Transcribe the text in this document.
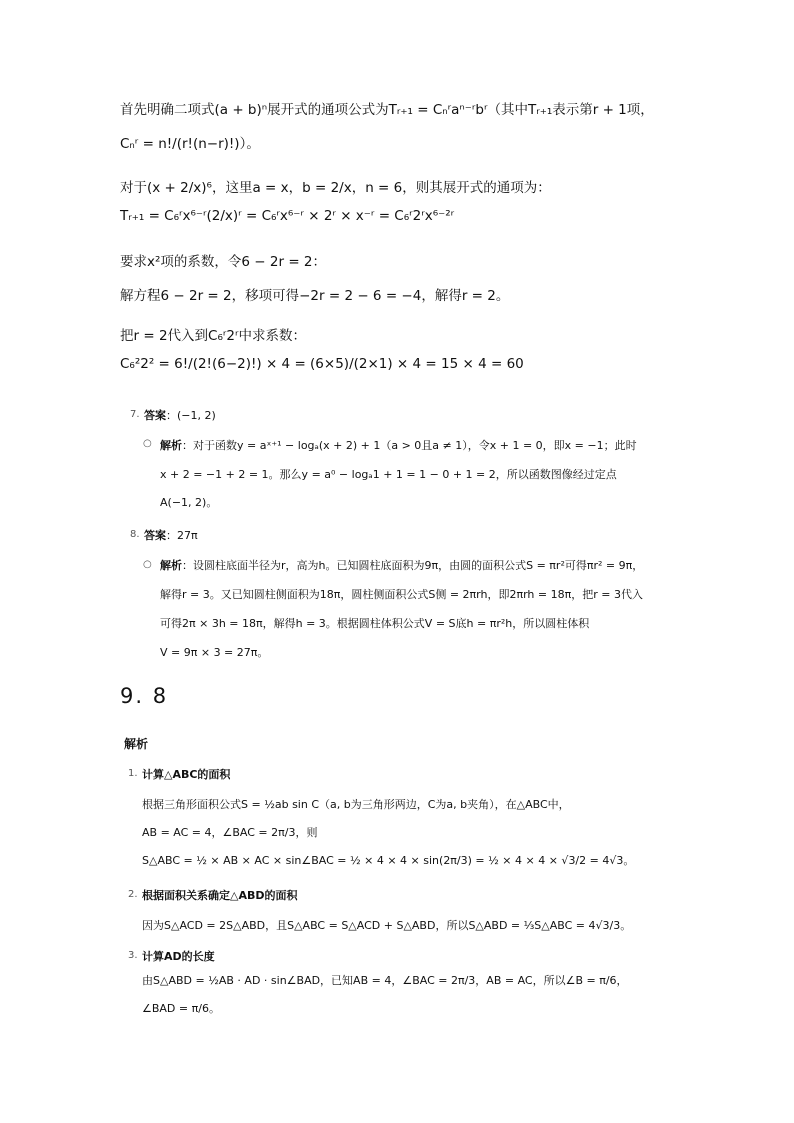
首先明确二项式(a + b)ⁿ展开式的通项公式为Tᵣ₊₁ = Cₙʳaⁿ⁻ʳbʳ（其中Tᵣ₊₁表示第r + 1项，
Cₙʳ = n!/(r!(n−r)!)）。
对于(x + 2/x)⁶，这里a = x，b = 2/x，n = 6，则其展开式的通项为：
Tᵣ₊₁ = C₆ʳx⁶⁻ʳ(2/x)ʳ = C₆ʳx⁶⁻ʳ × 2ʳ × x⁻ʳ = C₆ʳ2ʳx⁶⁻²ʳ
要求x²项的系数，令6 − 2r = 2：
解方程6 − 2r = 2，移项可得−2r = 2 − 6 = −4，解得r = 2。
把r = 2代入到C₆ʳ2ʳ中求系数：
C₆²2² = 6!/(2!(6−2)!) × 4 = (6×5)/(2×1) × 4 = 15 × 4 = 60
7. 答案：(−1, 2)
○ 解析：对于函数y = aˣ⁺¹ − logₐ(x + 2) + 1（a > 0且a ≠ 1），令x + 1 = 0，即x = −1；此时
x + 2 = −1 + 2 = 1。那么y = a⁰ − logₐ1 + 1 = 1 − 0 + 1 = 2，所以函数图像经过定点
A(−1, 2)。
8. 答案：27π
○ 解析：设圆柱底面半径为r，高为h。已知圆柱底面积为9π，由圆的面积公式S = πr²可得πr² = 9π，
解得r = 3。又已知圆柱侧面积为18π，圆柱侧面积公式S侧 = 2πrh，即2πrh = 18π，把r = 3代入
可得2π × 3h = 18π，解得h = 3。根据圆柱体积公式V = S底h = πr²h，所以圆柱体积
V = 9π × 3 = 27π。
9. 8
解析
1. 计算△ABC的面积
根据三角形面积公式S = ½ab sin C（a, b为三角形两边，C为a, b夹角），在△ABC中，
AB = AC = 4，∠BAC = 2π/3，则
S△ABC = ½ × AB × AC × sin∠BAC = ½ × 4 × 4 × sin(2π/3) = ½ × 4 × 4 × √3/2 = 4√3。
2. 根据面积关系确定△ABD的面积
因为S△ACD = 2S△ABD，且S△ABC = S△ACD + S△ABD，所以S△ABD = ⅓S△ABC = 4√3/3。
3. 计算AD的长度
由S△ABD = ½AB · AD · sin∠BAD，已知AB = 4，∠BAC = 2π/3，AB = AC，所以∠B = π/6，
∠BAD = π/6。
